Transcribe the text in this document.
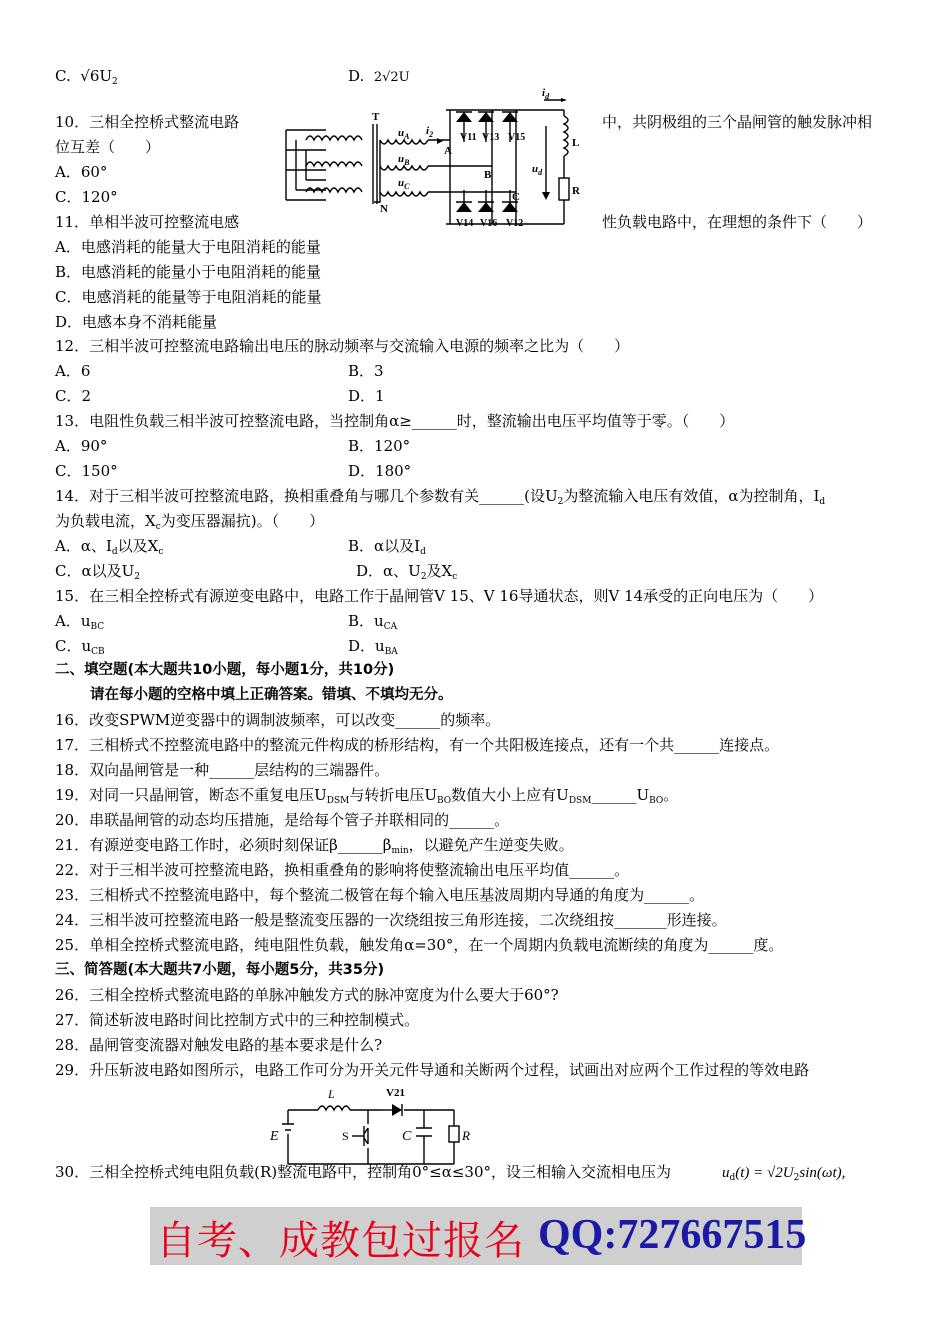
C. $√6U_2$	D. 2√2U
10．三相全控桥式整流电路	中，共阴极组的三个晶闸管的触发脉冲相
位互差（　　）
A．60°
C．120°
11．单相半波可控整流电感	性负载电路中，在理想的条件下（　　）
A．电感消耗的能量大于电阻消耗的能量
B．电感消耗的能量小于电阻消耗的能量
C．电感消耗的能量等于电阻消耗的能量
D．电感本身不消耗能量
T
N
A
B
C
L
R
V11 V13 V15
V14 V16 V12
$u_A$ $i_2$
$u_B$
$u_C$
$i_d$
$u_d$
12．三相半波可控整流电路输出电压的脉动频率与交流输入电源的频率之比为（　　）
A．6	B．3
C．2	D．1
13．电阻性负载三相半波可控整流电路，当控制角α≥______时，整流输出电压平均值等于零。（　　）
A．90°	B．120°
C．150°	D．180°
14．对于三相半波可控整流电路，换相重叠角与哪几个参数有关______(设$U_2$为整流输入电压有效值，α为控制角，$I_d$
为负载电流，$X_c$为变压器漏抗)。（　　）
A．α、$I_d$以及$X_c$	B．α以及$I_d$
C．α以及$U_2$	D．α、$U_2$及$X_c$
15．在三相全控桥式有源逆变电路中，电路工作于晶闸管V 15、V 16导通状态，则V 14承受的正向电压为（　　）
A．$u_{BC}$	B．$u_{CA}$
C．$u_{CB}$	D．$u_{BA}$
二、填空题(本大题共10小题，每小题1分，共10分)
请在每小题的空格中填上正确答案。错填、不填均无分。
16．改变SPWM逆变器中的调制波频率，可以改变______的频率。
17．三相桥式不控整流电路中的整流元件构成的桥形结构，有一个共阳极连接点，还有一个共______连接点。
18．双向晶闸管是一种______层结构的三端器件。
19．对同一只晶闸管，断态不重复电压$U_{DSM}$与转折电压$U_{BO}$数值大小上应有$U_{DSM}\_\_\_\_\_\_U_{BO}$。
20．串联晶闸管的动态均压措施，是给每个管子并联相同的______。
21．有源逆变电路工作时，必须时刻保证$\beta\_\_\_\_\_\_\beta_{min}$，以避免产生逆变失败。
22．对于三相半波可控整流电路，换相重叠角的影响将使整流输出电压平均值______。
23．三相桥式不控整流电路中，每个整流二极管在每个输入电压基波周期内导通的角度为______。
24．三相半波可控整流电路一般是整流变压器的一次绕组按三角形连接，二次绕组按_______形连接。
25．单相全控桥式整流电路，纯电阻性负载，触发角α=30°，在一个周期内负载电流断续的角度为______度。
三、简答题(本大题共7小题，每小题5分，共35分)
26．三相全控桥式整流电路的单脉冲触发方式的脉冲宽度为什么要大于60°?
27．简述斩波电路时间比控制方式中的三种控制模式。
28．晶闸管变流器对触发电路的基本要求是什么?
29．升压斩波电路如图所示，电路工作可分为开关元件导通和关断两个过程，试画出对应两个工作过程的等效电路
E
L	V21
S	C	R
30．三相全控桥式纯电阻负载(R)整流电路中，控制角0°≤α≤30°，设三相输入交流相电压为	$u_d(t) = √2U_2\sin(\omega t)$,
自考、成教包过报名 QQ:727667515
